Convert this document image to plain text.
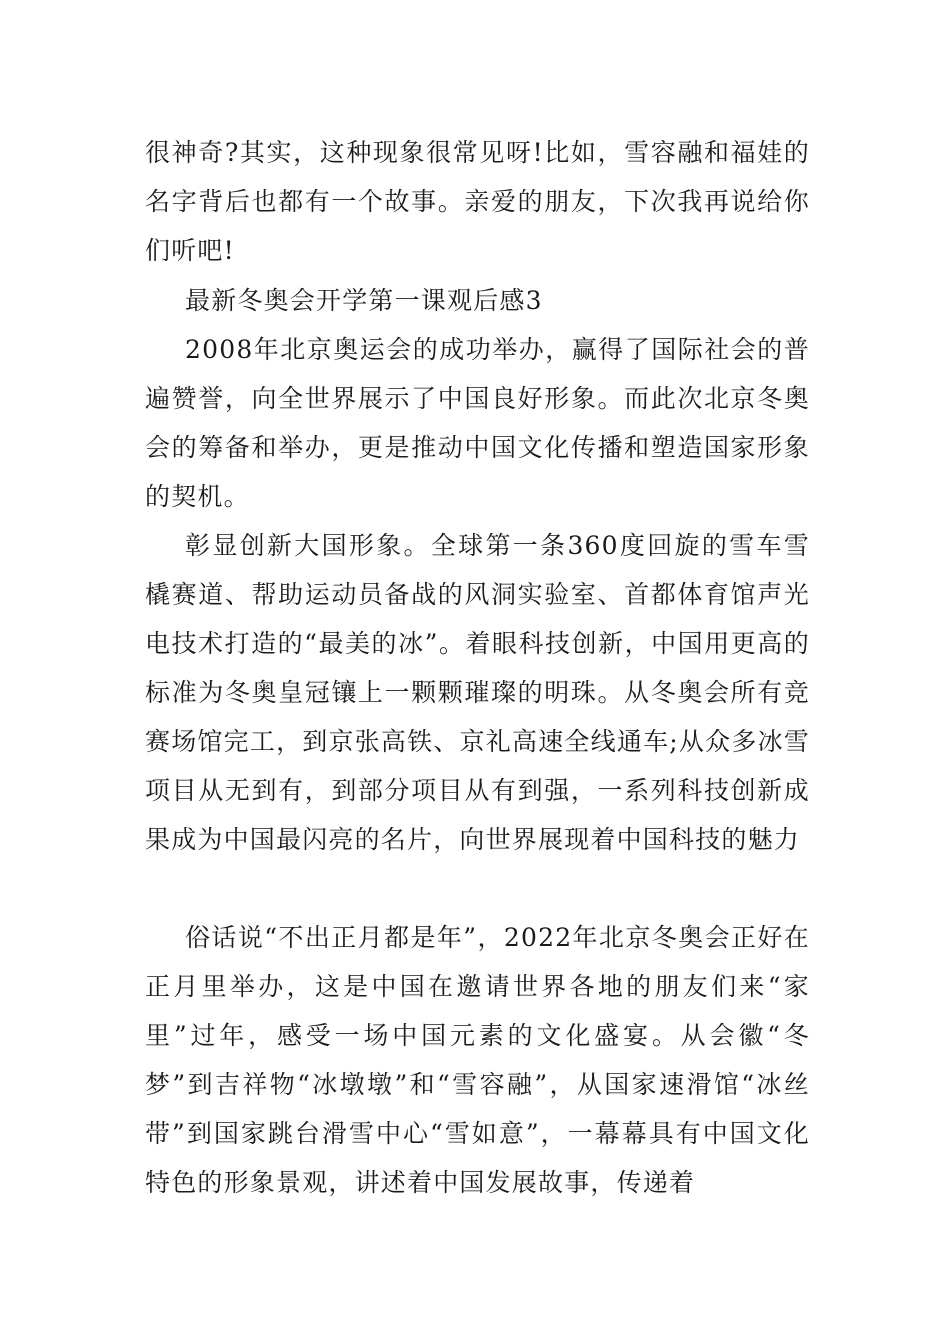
很神奇?其实，这种现象很常见呀!比如，雪容融和福娃的名字背后也都有一个故事。亲爱的朋友，下次我再说给你们听吧!

最新冬奥会开学第一课观后感3

2008年北京奥运会的成功举办，赢得了国际社会的普遍赞誉，向全世界展示了中国良好形象。而此次北京冬奥会的筹备和举办，更是推动中国文化传播和塑造国家形象的契机。

彰显创新大国形象。全球第一条360度回旋的雪车雪橇赛道、帮助运动员备战的风洞实验室、首都体育馆声光电技术打造的“最美的冰”。着眼科技创新，中国用更高的标准为冬奥皇冠镶上一颗颗璀璨的明珠。从冬奥会所有竞赛场馆完工，到京张高铁、京礼高速全线通车;从众多冰雪项目从无到有，到部分项目从有到强，一系列科技创新成果成为中国最闪亮的名片，向世界展现着中国科技的魅力

俗话说“不出正月都是年”，2022年北京冬奥会正好在正月里举办，这是中国在邀请世界各地的朋友们来“家里”过年，感受一场中国元素的文化盛宴。从会徽“冬梦”到吉祥物“冰墩墩”和“雪容融”，从国家速滑馆“冰丝带”到国家跳台滑雪中心“雪如意”，一幕幕具有中国文化特色的形象景观，讲述着中国发展故事，传递着
